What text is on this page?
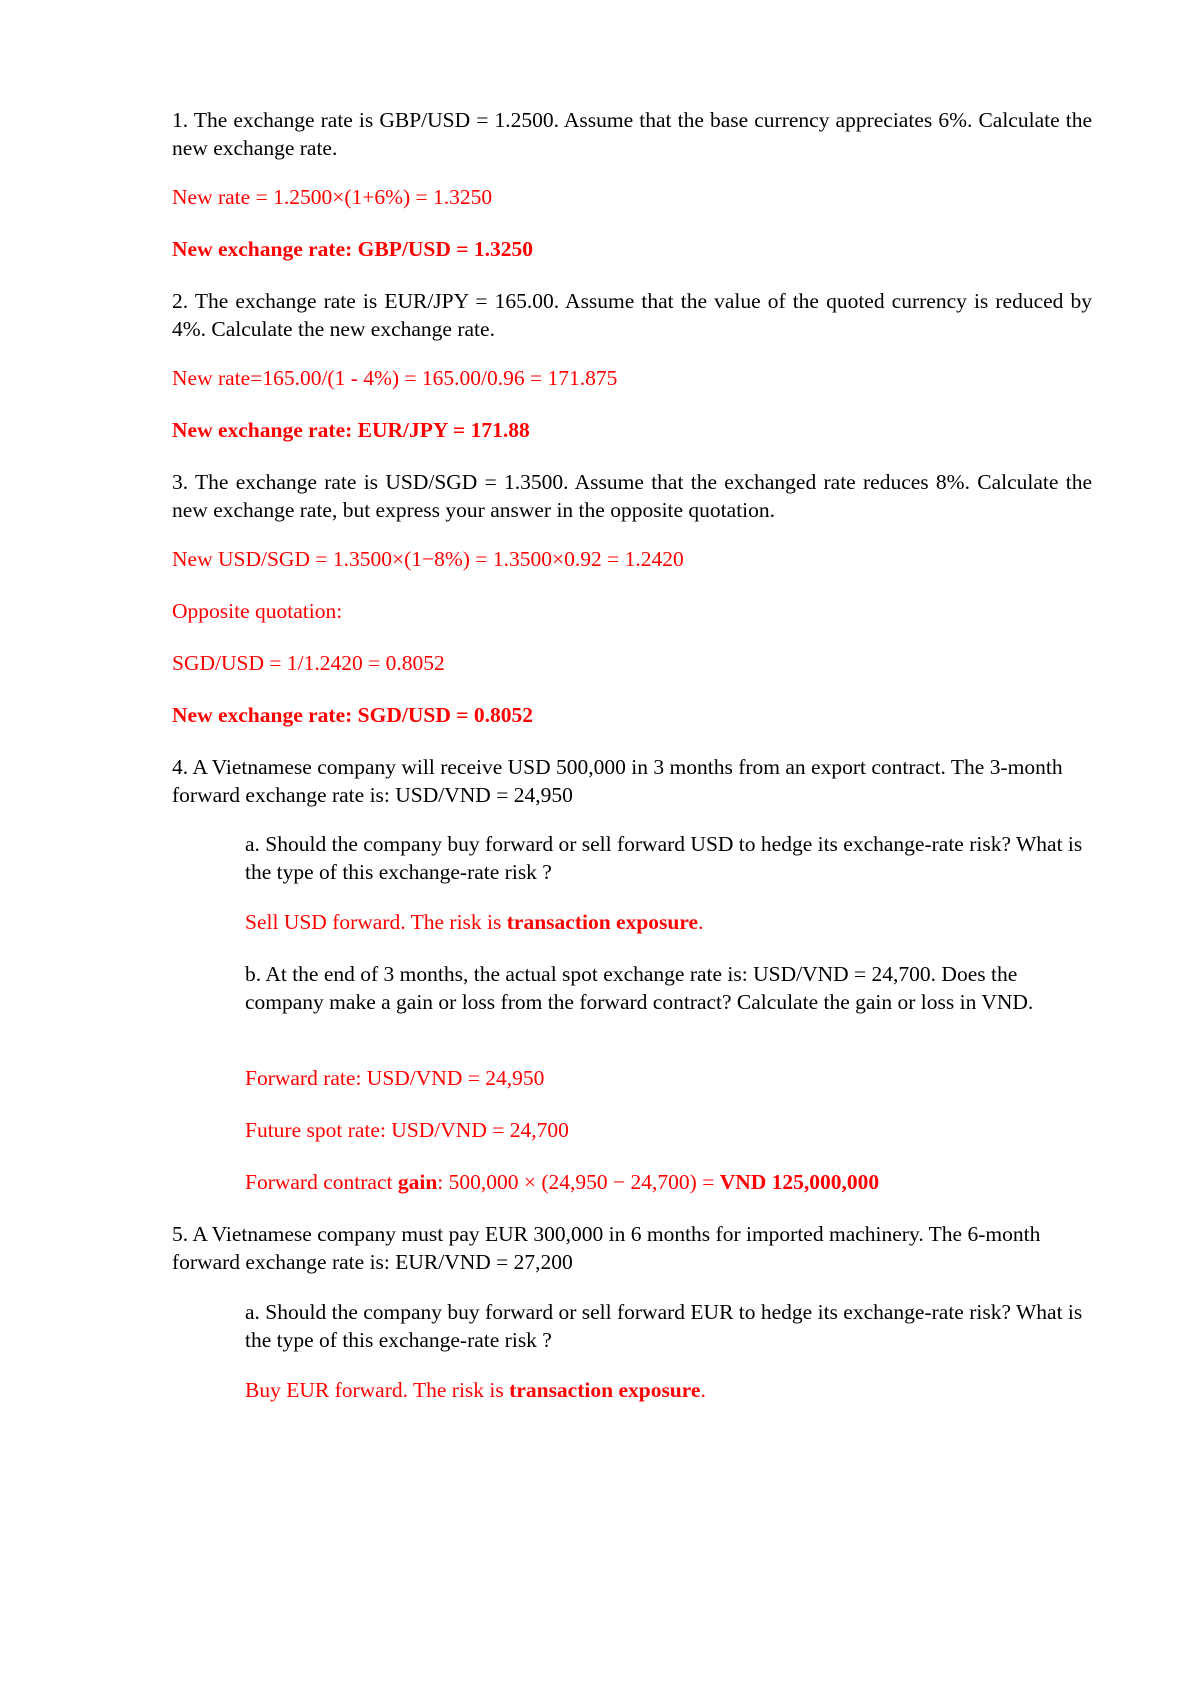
1. The exchange rate is GBP/USD = 1.2500. Assume that the base currency appreciates 6%. Calculate the new exchange rate.

New rate = 1.2500×(1+6%) = 1.3250

New exchange rate: GBP/USD = 1.3250

2. The exchange rate is EUR/JPY = 165.00. Assume that the value of the quoted currency is reduced by 4%. Calculate the new exchange rate.

New rate=165.00/(1 - 4%) = 165.00/0.96 = 171.875

New exchange rate: EUR/JPY = 171.88

3. The exchange rate is USD/SGD = 1.3500. Assume that the exchanged rate reduces 8%. Calculate the new exchange rate, but express your answer in the opposite quotation.

New USD/SGD = 1.3500×(1−8%) = 1.3500×0.92 = 1.2420

Opposite quotation:

SGD/USD = 1/1.2420 = 0.8052

New exchange rate: SGD/USD = 0.8052

4. A Vietnamese company will receive USD 500,000 in 3 months from an export contract. The 3-month forward exchange rate is: USD/VND = 24,950

a. Should the company buy forward or sell forward USD to hedge its exchange-rate risk? What is the type of this exchange-rate risk ?

Sell USD forward. The risk is transaction exposure.

b. At the end of 3 months, the actual spot exchange rate is: USD/VND = 24,700. Does the company make a gain or loss from the forward contract? Calculate the gain or loss in VND.

Forward rate: USD/VND = 24,950

Future spot rate: USD/VND = 24,700

Forward contract gain: 500,000 × (24,950 − 24,700) = VND 125,000,000

5. A Vietnamese company must pay EUR 300,000 in 6 months for imported machinery. The 6-month forward exchange rate is: EUR/VND = 27,200

a. Should the company buy forward or sell forward EUR to hedge its exchange-rate risk? What is the type of this exchange-rate risk ?

Buy EUR forward. The risk is transaction exposure.
